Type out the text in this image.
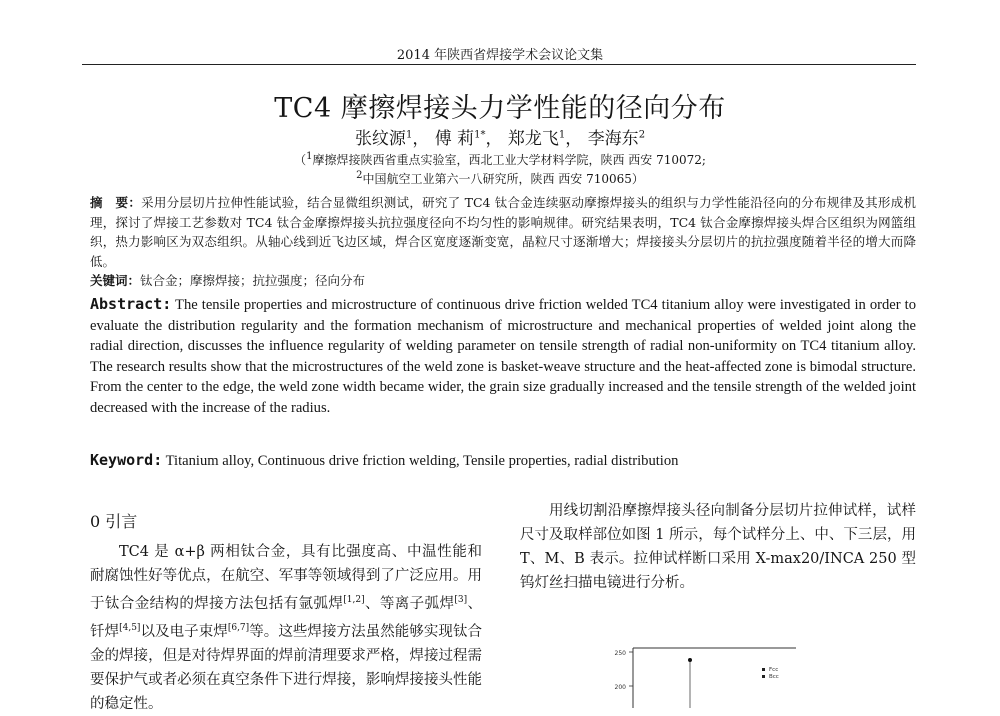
2014 年陕西省焊接学术会议论文集
TC4 摩擦焊接头力学性能的径向分布
张纹源$^1$， 傅 莉$^{1*}$， 郑龙飞$^1$， 李海东$^2$
（$^1$摩擦焊接陕西省重点实验室，西北工业大学材料学院，陕西 西安 710072;
$^2$中国航空工业第六一八研究所，陕西 西安 710065）
摘　要：采用分层切片拉伸性能试验，结合显微组织测试，研究了 TC4 钛合金连续驱动摩擦焊接头的组织与力学性能沿径向的分布规律及其形成机理，探讨了焊接工艺参数对 TC4 钛合金摩擦焊接头抗拉强度径向不均匀性的影响规律。研究结果表明，TC4 钛合金摩擦焊接头焊合区组织为网篮组织，热力影响区为双态组织。从轴心线到近飞边区域，焊合区宽度逐渐变宽，晶粒尺寸逐渐增大；焊接接头分层切片的抗拉强度随着半径的增大而降低。
关键词：钛合金；摩擦焊接；抗拉强度；径向分布
Abstract: The tensile properties and microstructure of continuous drive friction welded TC4 titanium alloy were investigated in order to evaluate the distribution regularity and the formation mechanism of microstructure and mechanical properties of welded joint along the radial direction, discusses the influence regularity of welding parameter on tensile strength of radial non-uniformity on TC4 titanium alloy. The research results show that the microstructures of the weld zone is basket-weave structure and the heat-affected zone is bimodal structure. From the center to the edge, the weld zone width became wider, the grain size gradually increased and the tensile strength of the welded joint decreased with the increase of the radius.
Keyword: Titanium alloy, Continuous drive friction welding, Tensile properties, radial distribution
0 引言

TC4 是 α+β 两相钛合金，具有比强度高、中温性能和耐腐蚀性好等优点，在航空、军事等领域得到了广泛应用。用于钛合金结构的焊接方法包括有氩弧焊[1,2]、等离子弧焊[3]、钎焊[4,5]以及电子束焊[6,7]等。这些焊接方法虽然能够实现钛合金的焊接，但是对待焊界面的焊前清理要求严格，焊接过程需要保护气或者必须在真空条件下进行焊接，影响焊接接头性能的稳定性。

用线切割沿摩擦焊接头径向制备分层切片拉伸试样，试样尺寸及取样部位如图 1 所示，每个试样分上、中、下三层，用 T、M、B 表示。拉伸试样断口采用 X-max20/INCA 250 型钨灯丝扫描电镜进行分析。

250
200
Fcc
Bcc
